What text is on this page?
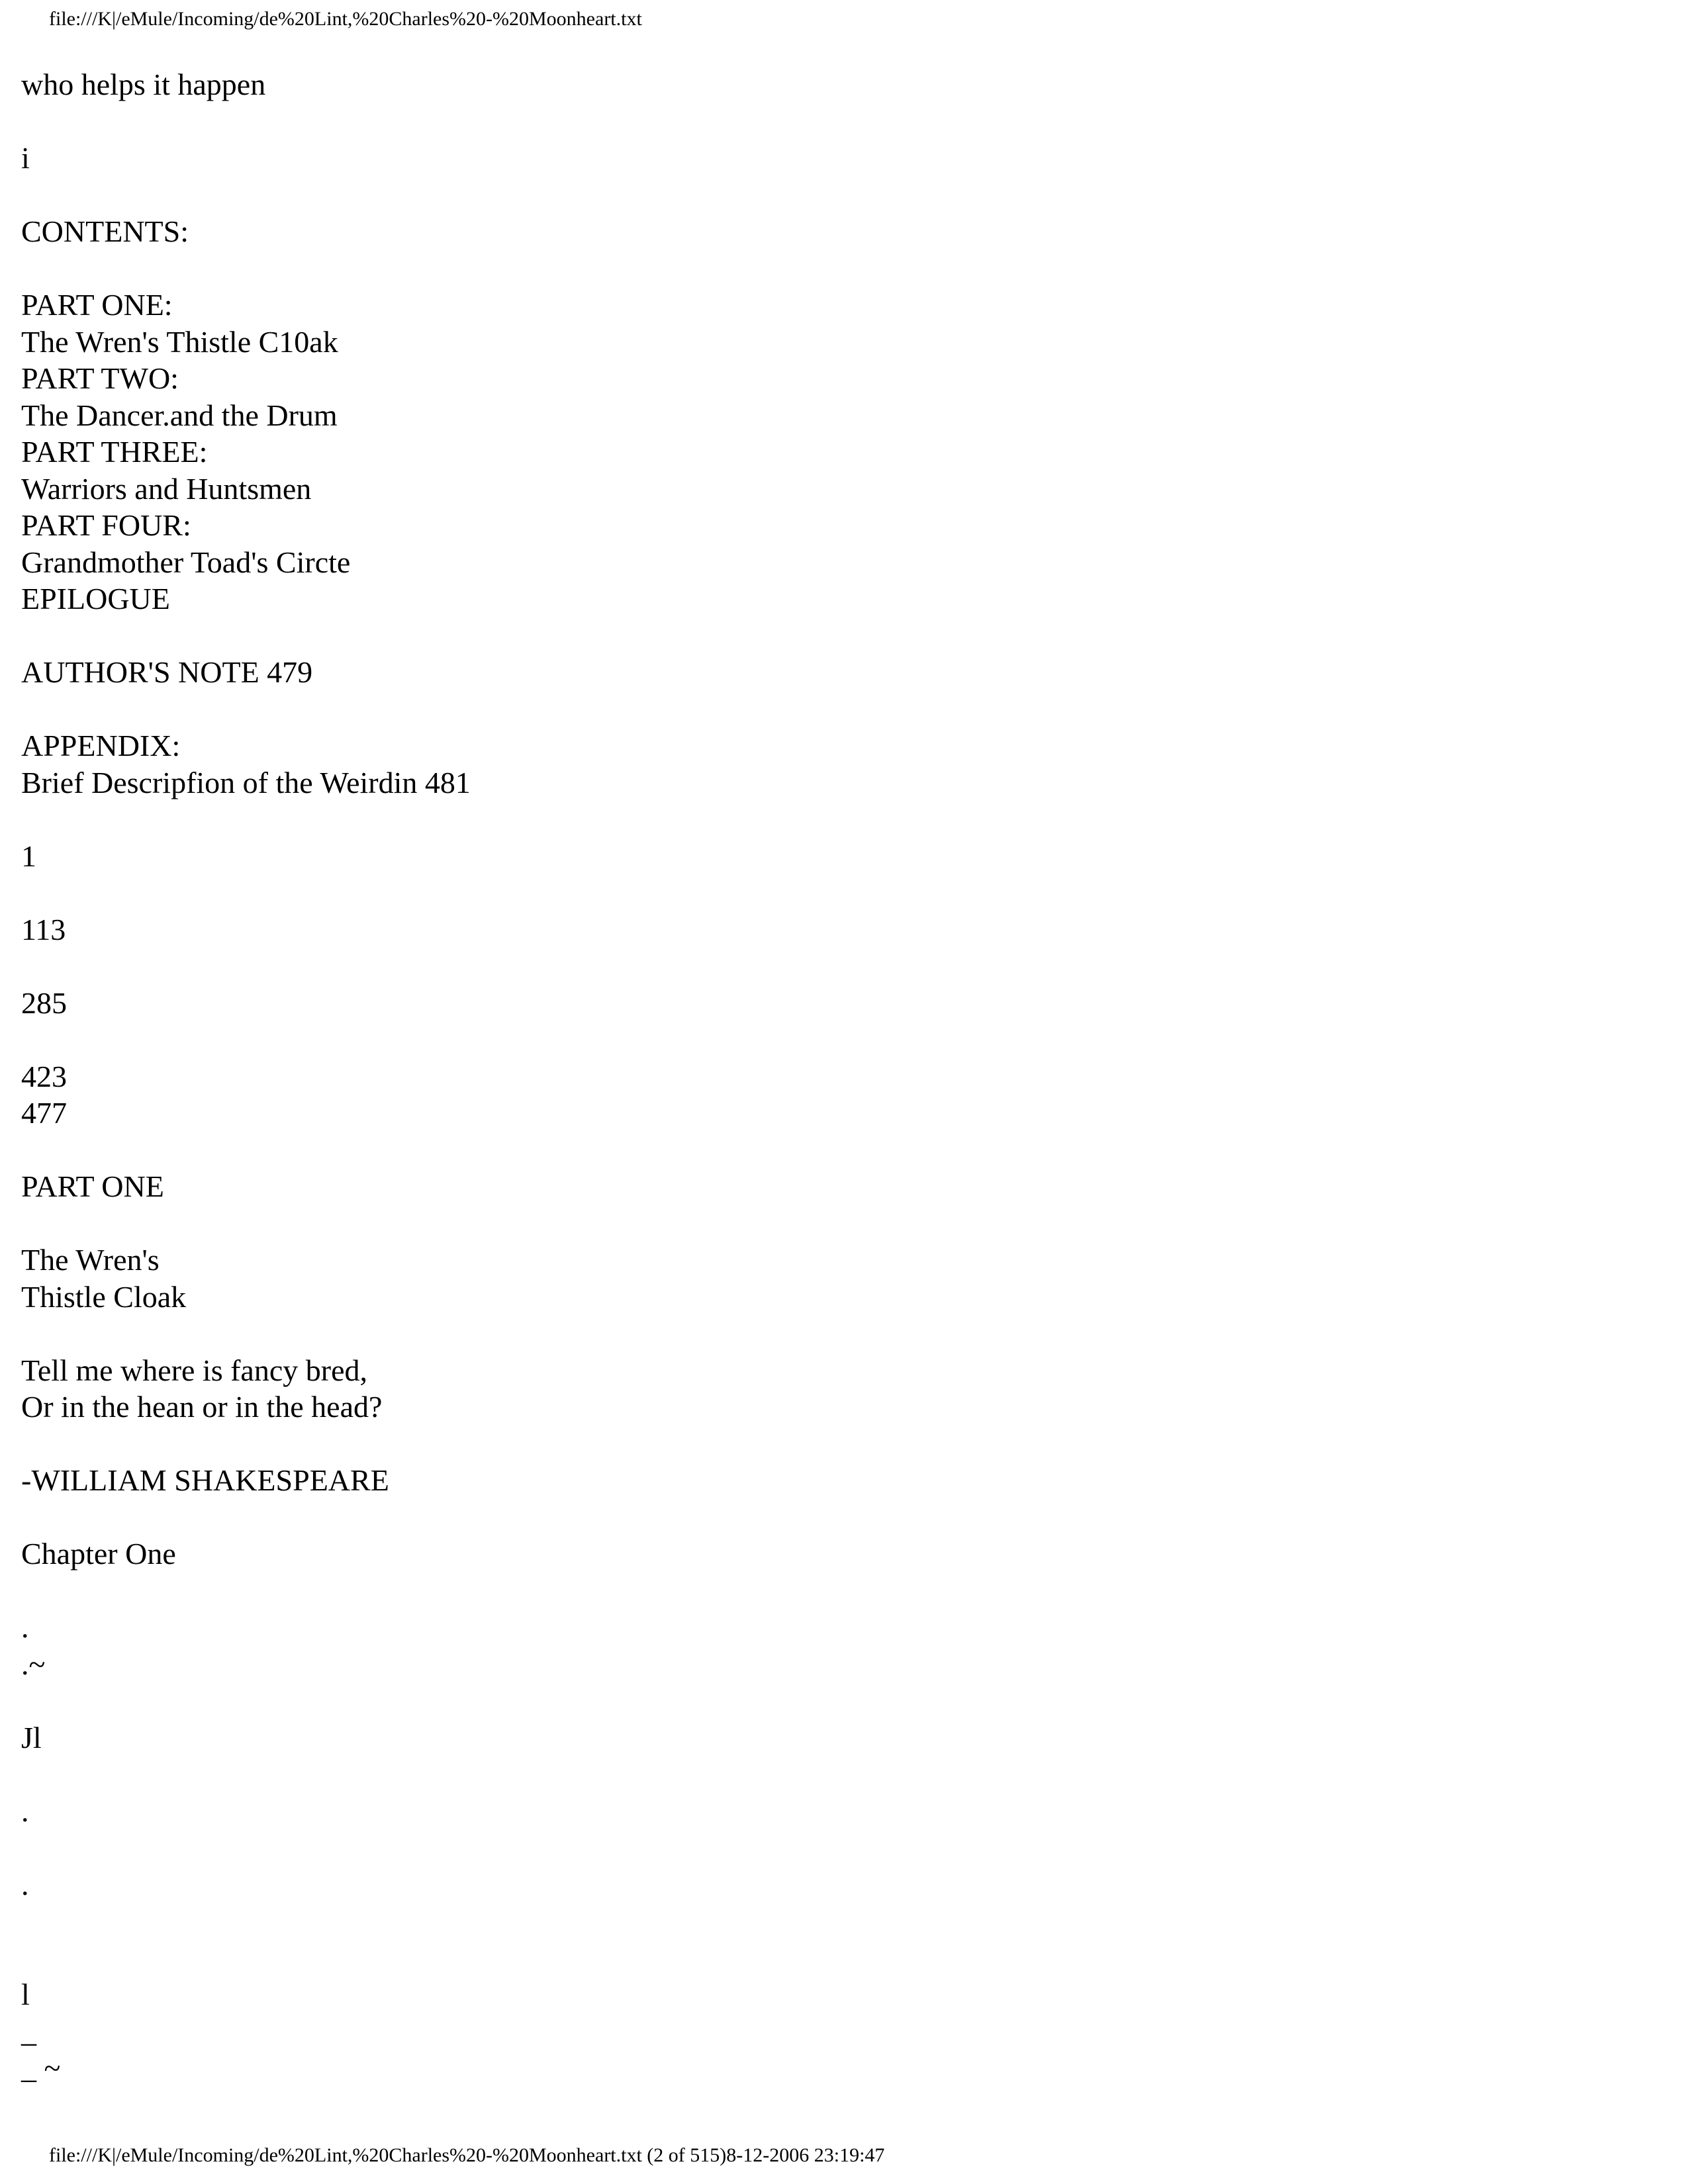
file:///K|/eMule/Incoming/de%20Lint,%20Charles%20-%20Moonheart.txt
who helps it happen
i
CONTENTS:
PART ONE:
The Wren's Thistle C10ak
PART TWO:
The Dancer.and the Drum
PART THREE:
Warriors and Huntsmen
PART FOUR:
Grandmother Toad's Circte
EPILOGUE
AUTHOR'S NOTE 479
APPENDIX:
Brief Descripfion of the Weirdin 481
1
113
285
423
477
PART ONE
The Wren's
Thistle Cloak
Tell me where is fancy bred,
Or in the hean or in the head?
-WILLIAM SHAKESPEARE
Chapter One
.
.~
Jl
.
.
l
_
_ ~
file:///K|/eMule/Incoming/de%20Lint,%20Charles%20-%20Moonheart.txt (2 of 515)8-12-2006 23:19:47
